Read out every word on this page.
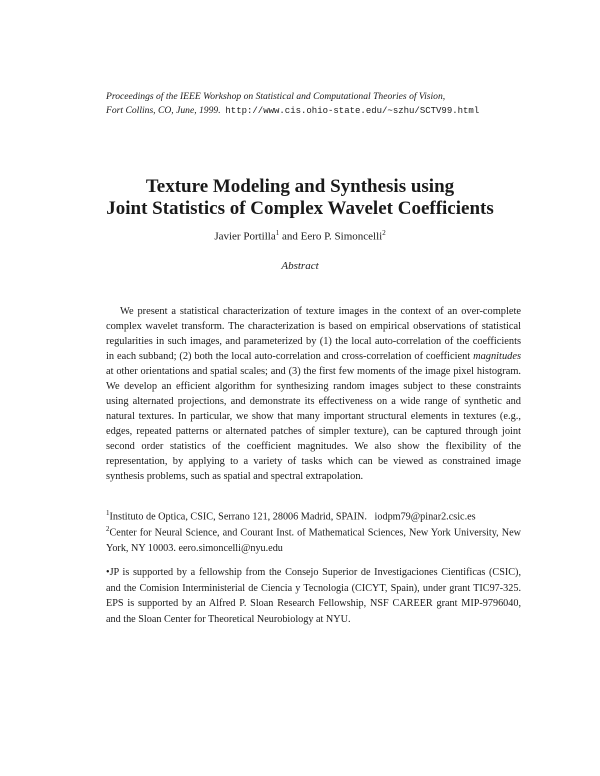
Proceedings of the IEEE Workshop on Statistical and Computational Theories of Vision,
Fort Collins, CO, June, 1999. http://www.cis.ohio-state.edu/~szhu/SCTV99.html
Texture Modeling and Synthesis using
Joint Statistics of Complex Wavelet Coefficients
Javier Portilla$^1$ and Eero P. Simoncelli$^2$
Abstract
We present a statistical characterization of texture images in the context of an over-complete complex wavelet transform. The characterization is based on empirical observations of statistical regularities in such images, and parameterized by (1) the local auto-correlation of the coefficients in each subband; (2) both the local auto-correlation and cross-correlation of coefficient magnitudes at other orientations and spatial scales; and (3) the first few moments of the image pixel histogram. We develop an efficient algorithm for synthesizing random images subject to these constraints using alternated projections, and demonstrate its effectiveness on a wide range of synthetic and natural textures. In particular, we show that many important structural elements in textures (e.g., edges, repeated patterns or alternated patches of simpler texture), can be captured through joint second order statistics of the coefficient magnitudes. We also show the flexibility of the representation, by applying to a variety of tasks which can be viewed as constrained image synthesis problems, such as spatial and spectral extrapolation.
$^1$Instituto de Optica, CSIC, Serrano 121, 28006 Madrid, SPAIN.   iodpm79@pinar2.csic.es
$^2$Center for Neural Science, and Courant Inst. of Mathematical Sciences, New York University, New York, NY 10003. eero.simoncelli@nyu.edu
•JP is supported by a fellowship from the Consejo Superior de Investigaciones Cientificas (CSIC), and the Comision Interministerial de Ciencia y Tecnologia (CICYT, Spain), under grant TIC97-325. EPS is supported by an Alfred P. Sloan Research Fellowship, NSF CAREER grant MIP-9796040, and the Sloan Center for Theoretical Neurobiology at NYU.
